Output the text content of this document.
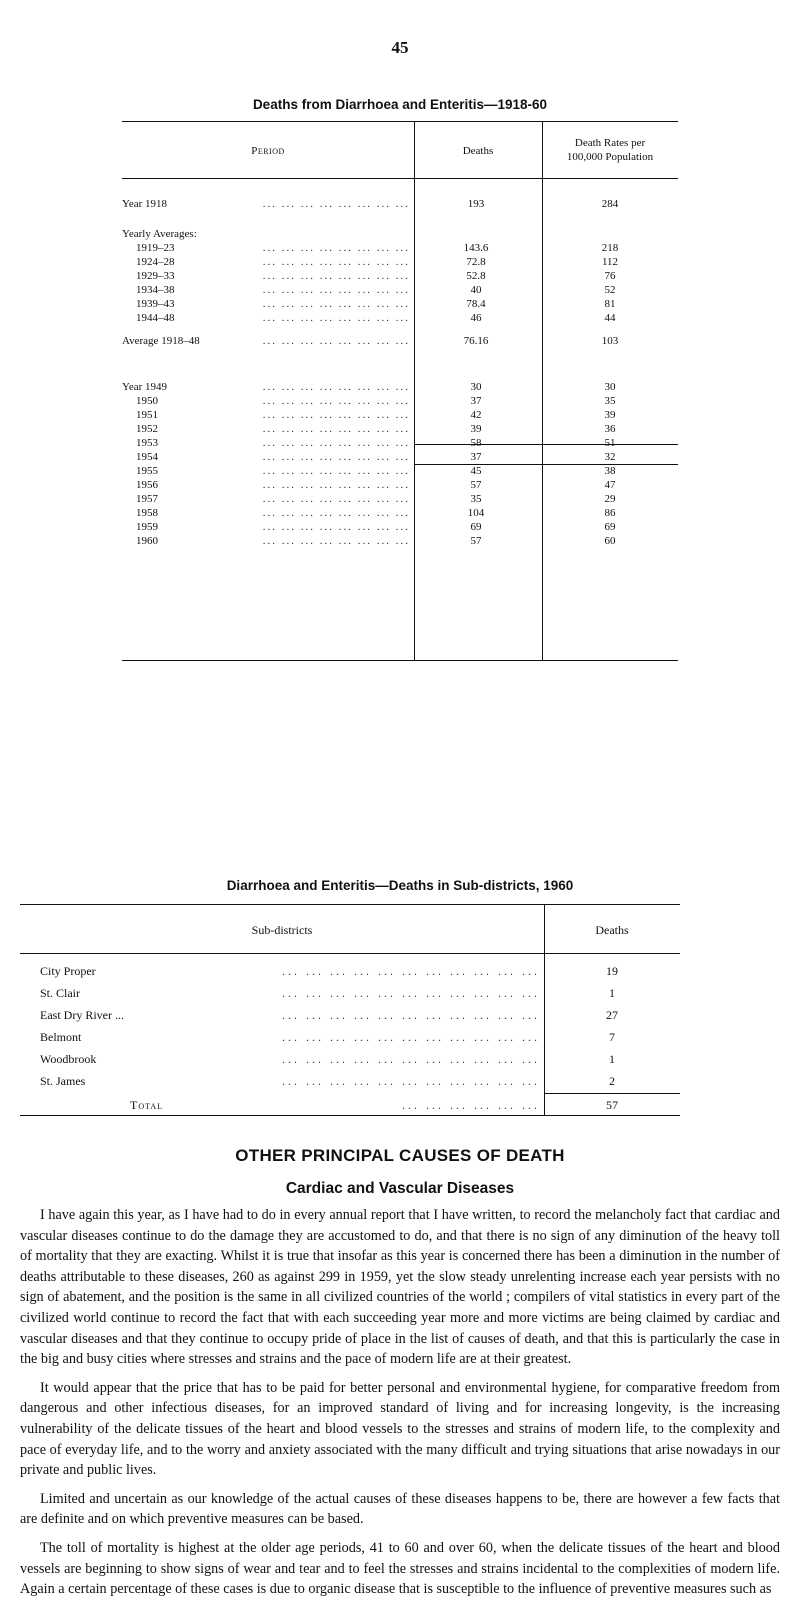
45
Deaths from Diarrhoea and Enteritis—1918-60
Period	Deaths
Death Rates per
100,000 Population
... ... ... ... ... ... ... ...
Year 1918	193	284
Yearly Averages:
... ... ... ... ... ... ... ...
1919–23	143.6	218
... ... ... ... ... ... ... ...
1924–28	72.8	112
... ... ... ... ... ... ... ...
1929–33	52.8	76
... ... ... ... ... ... ... ...
1934–38	40	52
... ... ... ... ... ... ... ...
1939–43	78.4	81
... ... ... ... ... ... ... ...
1944–48	46	44
... ... ... ... ... ... ... ...
Average 1918–48	76.16	103
... ... ... ... ... ... ... ...
Year 1949	30	30
... ... ... ... ... ... ... ...
1950	37	35
... ... ... ... ... ... ... ...
1951	42	39
... ... ... ... ... ... ... ...
1952	39	36
... ... ... ... ... ... ... ...
1953	58	51
... ... ... ... ... ... ... ...
1954	37	32
... ... ... ... ... ... ... ...
1955	45	38
... ... ... ... ... ... ... ...
1956	57	47
... ... ... ... ... ... ... ...
1957	35	29
... ... ... ... ... ... ... ...
1958	104	86
... ... ... ... ... ... ... ...
1959	69	69
... ... ... ... ... ... ... ...
1960	57	60
Diarrhoea and Enteritis—Deaths in Sub-districts, 1960
Sub-districts	Deaths
... ... ... ... ... ... ... ... ... ... ...
City Proper	19
... ... ... ... ... ... ... ... ... ... ...
St. Clair	1
... ... ... ... ... ... ... ... ... ... ...
East Dry River ...	27
... ... ... ... ... ... ... ... ... ... ...
Belmont	7
... ... ... ... ... ... ... ... ... ... ...
Woodbrook	1
... ... ... ... ... ... ... ... ... ... ...
St. James	2
... ... ... ... ... ...
Total	57
OTHER PRINCIPAL CAUSES OF DEATH
Cardiac and Vascular Diseases

I have again this year, as I have had to do in every annual report that I have written, to record the melancholy fact that cardiac and vascular diseases continue to do the damage they are accustomed to do, and that there is no sign of any diminution of the heavy toll of mortality that they are exacting. Whilst it is true that insofar as this year is concerned there has been a diminution in the number of deaths attributable to these diseases, 260 as against 299 in 1959, yet the slow steady unrelenting increase each year persists with no sign of abatement, and the position is the same in all civilized countries of the world ; compilers of vital statistics in every part of the civilized world continue to record the fact that with each succeeding year more and more victims are being claimed by cardiac and vascular diseases and that they continue to occupy pride of place in the list of causes of death, and that this is particularly the case in the big and busy cities where stresses and strains and the pace of modern life are at their greatest.

It would appear that the price that has to be paid for better personal and environmental hygiene, for comparative freedom from dangerous and other infectious diseases, for an improved standard of living and for increasing longevity, is the increasing vulnerability of the delicate tissues of the heart and blood vessels to the stresses and strains of modern life, to the complexity and pace of everyday life, and to the worry and anxiety associated with the many difficult and trying situations that arise nowadays in our private and public lives.

Limited and uncertain as our knowledge of the actual causes of these diseases happens to be, there are however a few facts that are definite and on which preventive measures can be based.

The toll of mortality is highest at the older age periods, 41 to 60 and over 60, when the delicate tissues of the heart and blood vessels are beginning to show signs of wear and tear and to feel the stresses and strains incidental to the complexities of modern life. Again a certain percentage of these cases is due to organic disease that is susceptible to the influence of preventive measures such as
